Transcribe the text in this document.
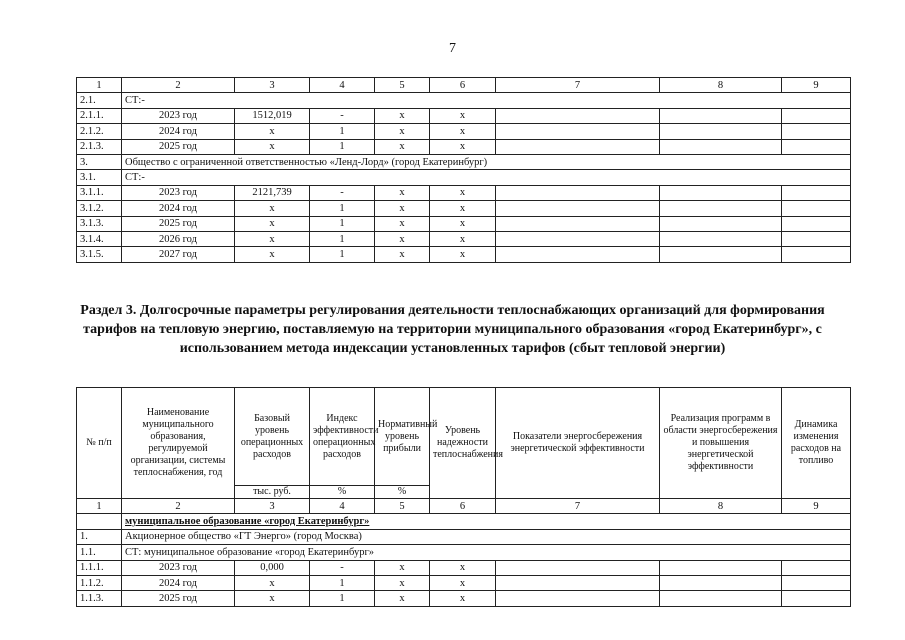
7
1	2	3	4	5	6	7	8	9
2.1.	СТ:-							
2.1.1.	2023 год	1512,019	-	x	x			
2.1.2.	2024 год	x	1	x	x			
2.1.3.	2025 год	x	1	x	x			
3.	Общество с ограниченной ответственностью «Ленд-Лорд» (город Екатеринбург)							
3.1.	СТ:-							
3.1.1.	2023 год	2121,739	-	x	x			
3.1.2.	2024 год	x	1	x	x			
3.1.3.	2025 год	x	1	x	x			
3.1.4.	2026 год	x	1	x	x			
3.1.5.	2027 год	x	1	x	x			
Раздел 3. Долгосрочные параметры регулирования деятельности теплоснабжающих организаций для формирования тарифов на тепловую энергию, поставляемую на территории муниципального образования «город Екатеринбург», с использованием метода индексации установленных тарифов (сбыт тепловой энергии)
№ п/п	Наименование муниципального образования, регулируемой организации, системы теплоснабжения, год	Базовый уровень операционных расходов	Индекс эффективности операционных расходов	Нормативный уровень прибыли	Уровень надежности теплоснабжения	Показатели энергосбережения энергетической эффективности	Реализация программ в области энергосбережения и повышения энергетической эффективности	Динамика изменения расходов на топливо
		тыс. руб.	%	%				
1	2	3	4	5	6	7	8	9
	муниципальное образование «город Екатеринбург»							
1.	Акционерное общество «ГТ Энерго» (город Москва)							
1.1.	СТ: муниципальное образование «город Екатеринбург»							
1.1.1.	2023 год	0,000	-	x	x			
1.1.2.	2024 год	x	1	x	x			
1.1.3.	2025 год	x	1	x	x			
